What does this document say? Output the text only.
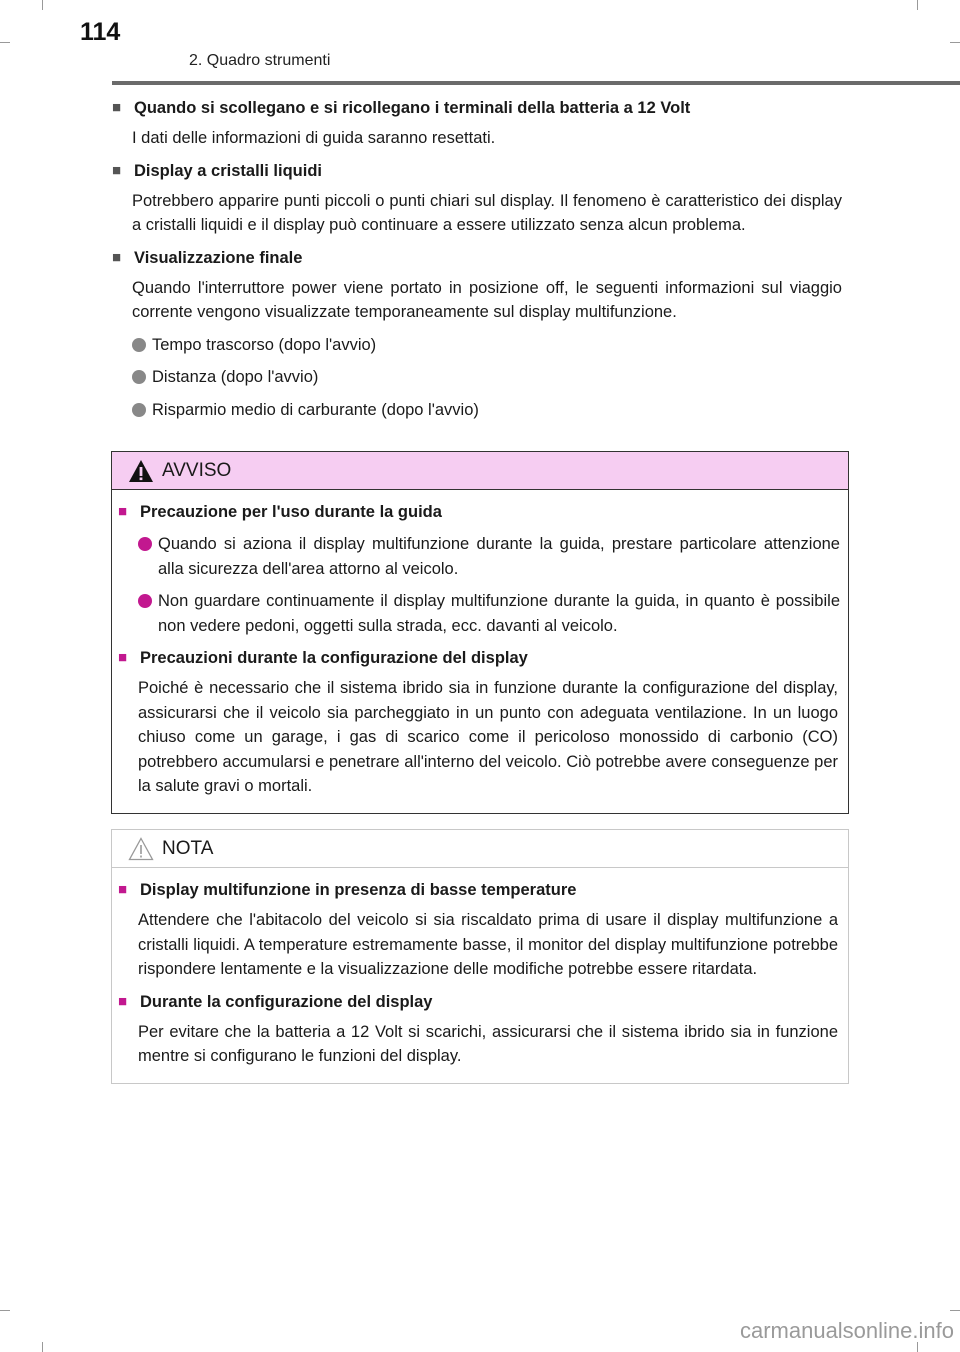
114
2. Quadro strumenti
■ Quando si scollegano e si ricollegano i terminali della batteria a 12 Volt
I dati delle informazioni di guida saranno resettati.
■ Display a cristalli liquidi
Potrebbero apparire punti piccoli o punti chiari sul display. Il fenomeno è caratteristico dei display a cristalli liquidi e il display può continuare a essere utilizzato senza alcun problema.
■ Visualizzazione finale
Quando l'interruttore power viene portato in posizione off, le seguenti informazioni sul viaggio corrente vengono visualizzate temporaneamente sul display multifunzione.
Tempo trascorso (dopo l'avvio)
Distanza (dopo l'avvio)
Risparmio medio di carburante (dopo l'avvio)
AVVISO
■ Precauzione per l'uso durante la guida
Quando si aziona il display multifunzione durante la guida, prestare particolare attenzione alla sicurezza dell'area attorno al veicolo.
Non guardare continuamente il display multifunzione durante la guida, in quanto è possibile non vedere pedoni, oggetti sulla strada, ecc. davanti al veicolo.
■ Precauzioni durante la configurazione del display
Poiché è necessario che il sistema ibrido sia in funzione durante la configurazione del display, assicurarsi che il veicolo sia parcheggiato in un punto con adeguata ventilazione. In un luogo chiuso come un garage, i gas di scarico come il pericoloso monossido di carbonio (CO) potrebbero accumularsi e penetrare all'interno del veicolo. Ciò potrebbe avere conseguenze per la salute gravi o mortali.
NOTA
■ Display multifunzione in presenza di basse temperature
Attendere che l'abitacolo del veicolo si sia riscaldato prima di usare il display multifunzione a cristalli liquidi. A temperature estremamente basse, il monitor del display multifunzione potrebbe rispondere lentamente e la visualizzazione delle modifiche potrebbe essere ritardata.
■ Durante la configurazione del display
Per evitare che la batteria a 12 Volt si scarichi, assicurarsi che il sistema ibrido sia in funzione mentre si configurano le funzioni del display.
carmanualsonline.info
